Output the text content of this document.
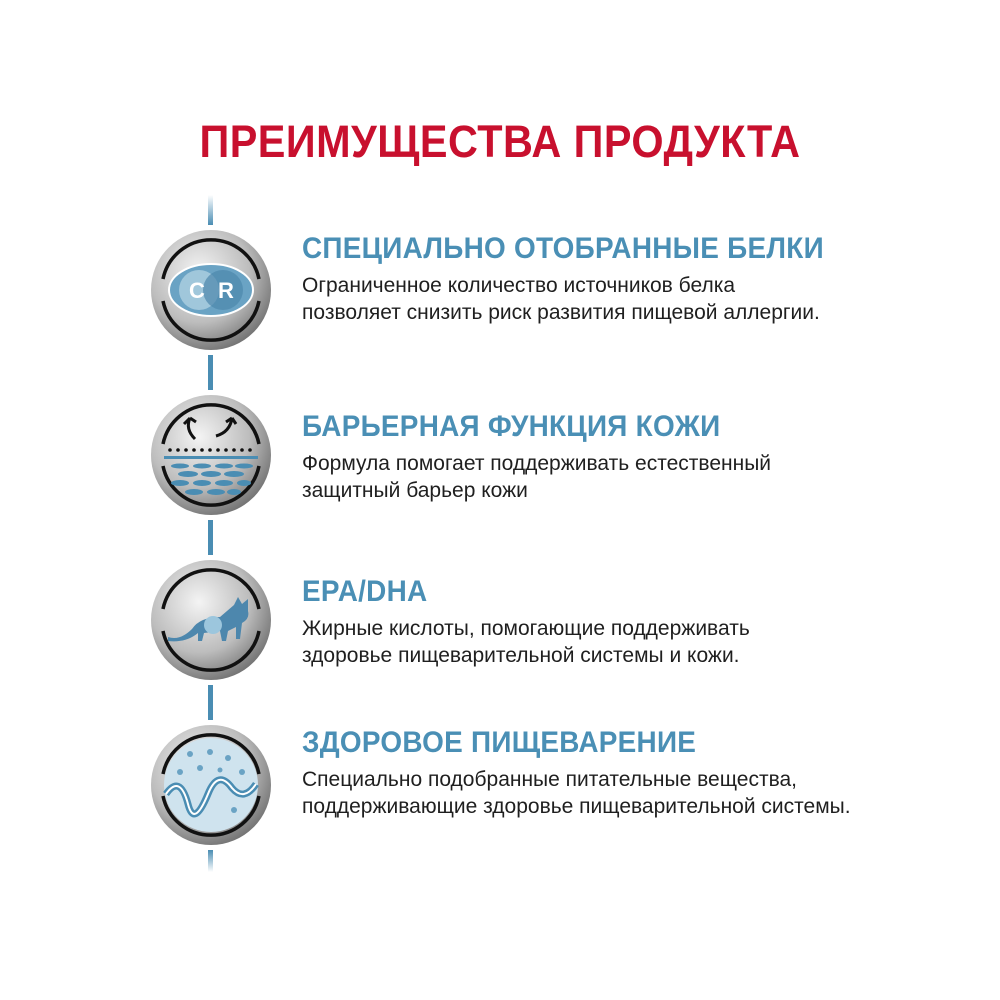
ПРЕИМУЩЕСТВА ПРОДУКТА
C R
СПЕЦИАЛЬНО ОТОБРАННЫЕ БЕЛКИ

Ограниченное количество источников белка позволяет снизить риск развития пищевой аллергии.

БАРЬЕРНАЯ ФУНКЦИЯ КОЖИ

Формула помогает поддерживать естественный защитный барьер кожи

EPA/DHA

Жирные кислоты, помогающие поддерживать здоровье пищеварительной системы и кожи.

ЗДОРОВОЕ ПИЩЕВАРЕНИЕ

Специально подобранные питательные вещества, поддерживающие здоровье пищеварительной системы.
